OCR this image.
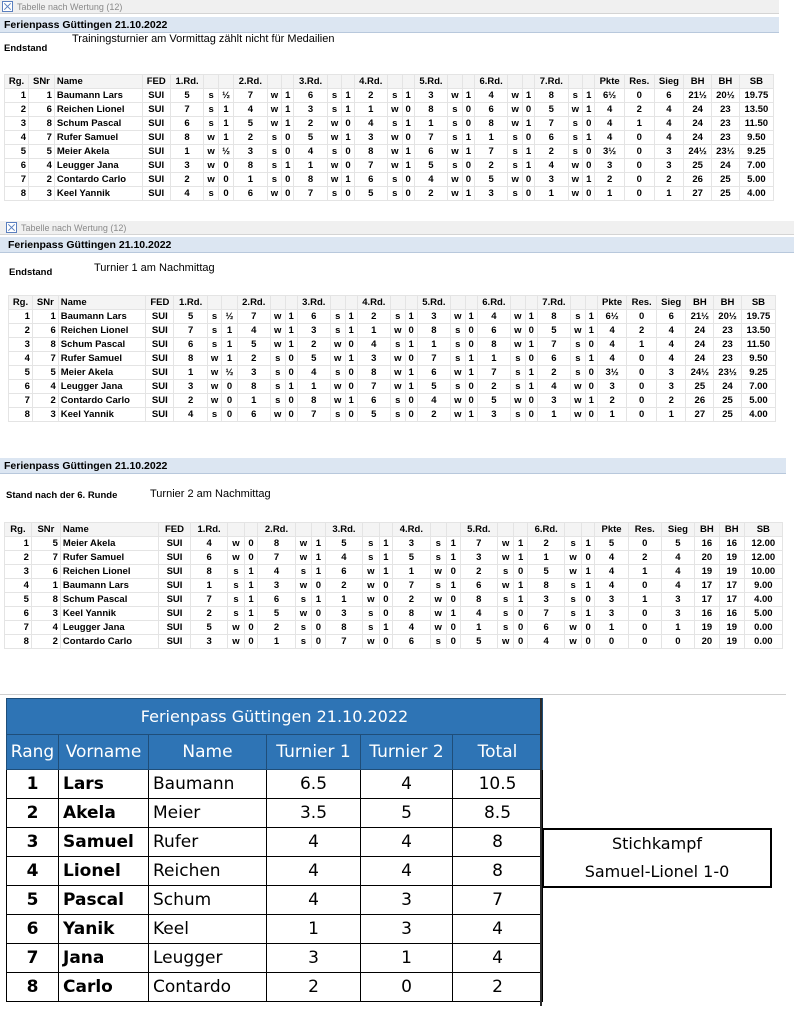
Tabelle nach Wertung (12)
Ferienpass Güttingen 21.10.2022
Endstand
Trainingsturnier am Vormittag zählt nicht für Medailien
Rg.	SNr	Name	FED	1.Rd.			2.Rd.			3.Rd.			4.Rd.			5.Rd.			6.Rd.			7.Rd.			Pkte	Res.	Sieg	BH	BH	SB
1	1	Baumann Lars	SUI	5	s	½	7	w	1	6	s	1	2	s	1	3	w	1	4	w	1	8	s	1	6½	0	6	21½	20½	19.75
2	6	Reichen Lionel	SUI	7	s	1	4	w	1	3	s	1	1	w	0	8	s	0	6	w	0	5	w	1	4	2	4	24	23	13.50
3	8	Schum Pascal	SUI	6	s	1	5	w	1	2	w	0	4	s	1	1	s	0	8	w	1	7	s	0	4	1	4	24	23	11.50
4	7	Rufer Samuel	SUI	8	w	1	2	s	0	5	w	1	3	w	0	7	s	1	1	s	0	6	s	1	4	0	4	24	23	9.50
5	5	Meier Akela	SUI	1	w	½	3	s	0	4	s	0	8	w	1	6	w	1	7	s	1	2	s	0	3½	0	3	24½	23½	9.25
6	4	Leugger Jana	SUI	3	w	0	8	s	1	1	w	0	7	w	1	5	s	0	2	s	1	4	w	0	3	0	3	25	24	7.00
7	2	Contardo Carlo	SUI	2	w	0	1	s	0	8	w	1	6	s	0	4	w	0	5	w	0	3	w	1	2	0	2	26	25	5.00
8	3	Keel Yannik	SUI	4	s	0	6	w	0	7	s	0	5	s	0	2	w	1	3	s	0	1	w	0	1	0	1	27	25	4.00
Tabelle nach Wertung (12)
Ferienpass Güttingen 21.10.2022
Endstand	Turnier 1 am Nachmittag
Rg.	SNr	Name	FED	1.Rd.			2.Rd.			3.Rd.			4.Rd.			5.Rd.			6.Rd.			7.Rd.			Pkte	Res.	Sieg	BH	BH	SB
1	1	Baumann Lars	SUI	5	s	½	7	w	1	6	s	1	2	s	1	3	w	1	4	w	1	8	s	1	6½	0	6	21½	20½	19.75
2	6	Reichen Lionel	SUI	7	s	1	4	w	1	3	s	1	1	w	0	8	s	0	6	w	0	5	w	1	4	2	4	24	23	13.50
3	8	Schum Pascal	SUI	6	s	1	5	w	1	2	w	0	4	s	1	1	s	0	8	w	1	7	s	0	4	1	4	24	23	11.50
4	7	Rufer Samuel	SUI	8	w	1	2	s	0	5	w	1	3	w	0	7	s	1	1	s	0	6	s	1	4	0	4	24	23	9.50
5	5	Meier Akela	SUI	1	w	½	3	s	0	4	s	0	8	w	1	6	w	1	7	s	1	2	s	0	3½	0	3	24½	23½	9.25
6	4	Leugger Jana	SUI	3	w	0	8	s	1	1	w	0	7	w	1	5	s	0	2	s	1	4	w	0	3	0	3	25	24	7.00
7	2	Contardo Carlo	SUI	2	w	0	1	s	0	8	w	1	6	s	0	4	w	0	5	w	0	3	w	1	2	0	2	26	25	5.00
8	3	Keel Yannik	SUI	4	s	0	6	w	0	7	s	0	5	s	0	2	w	1	3	s	0	1	w	0	1	0	1	27	25	4.00
Ferienpass Güttingen 21.10.2022
Stand nach der 6. Runde	Turnier 2 am Nachmittag
Rg.	SNr	Name	FED	1.Rd.			2.Rd.			3.Rd.			4.Rd.			5.Rd.			6.Rd.			Pkte	Res.	Sieg	BH	BH	SB
1	5	Meier Akela	SUI	4	w	0	8	w	1	5	s	1	3	s	1	7	w	1	2	s	1	5	0	5	16	16	12.00
2	7	Rufer Samuel	SUI	6	w	0	7	w	1	4	s	1	5	s	1	3	w	1	1	w	0	4	2	4	20	19	12.00
3	6	Reichen Lionel	SUI	8	s	1	4	s	1	6	w	1	1	w	0	2	s	0	5	w	1	4	1	4	19	19	10.00
4	1	Baumann Lars	SUI	1	s	1	3	w	0	2	w	0	7	s	1	6	w	1	8	s	1	4	0	4	17	17	9.00
5	8	Schum Pascal	SUI	7	s	1	6	s	1	1	w	0	2	w	0	8	s	1	3	s	0	3	1	3	17	17	4.00
6	3	Keel Yannik	SUI	2	s	1	5	w	0	3	s	0	8	w	1	4	s	0	7	s	1	3	0	3	16	16	5.00
7	4	Leugger Jana	SUI	5	w	0	2	s	0	8	s	1	4	w	0	1	s	0	6	w	0	1	0	1	19	19	0.00
8	2	Contardo Carlo	SUI	3	w	0	1	s	0	7	w	0	6	s	0	5	w	0	4	w	0	0	0	0	20	19	0.00
Ferienpass Güttingen 21.10.2022					
Rang	Vorname	Name	Turnier 1	Turnier 2	Total
1	Lars	Baumann	6.5	4	10.5
2	Akela	Meier	3.5	5	8.5
3	Samuel	Rufer	4	4	8
4	Lionel	Reichen	4	4	8
5	Pascal	Schum	4	3	7
6	Yanik	Keel	1	3	4
7	Jana	Leugger	3	1	4
8	Carlo	Contardo	2	0	2
Stichkampf
Samuel-Lionel 1-0
